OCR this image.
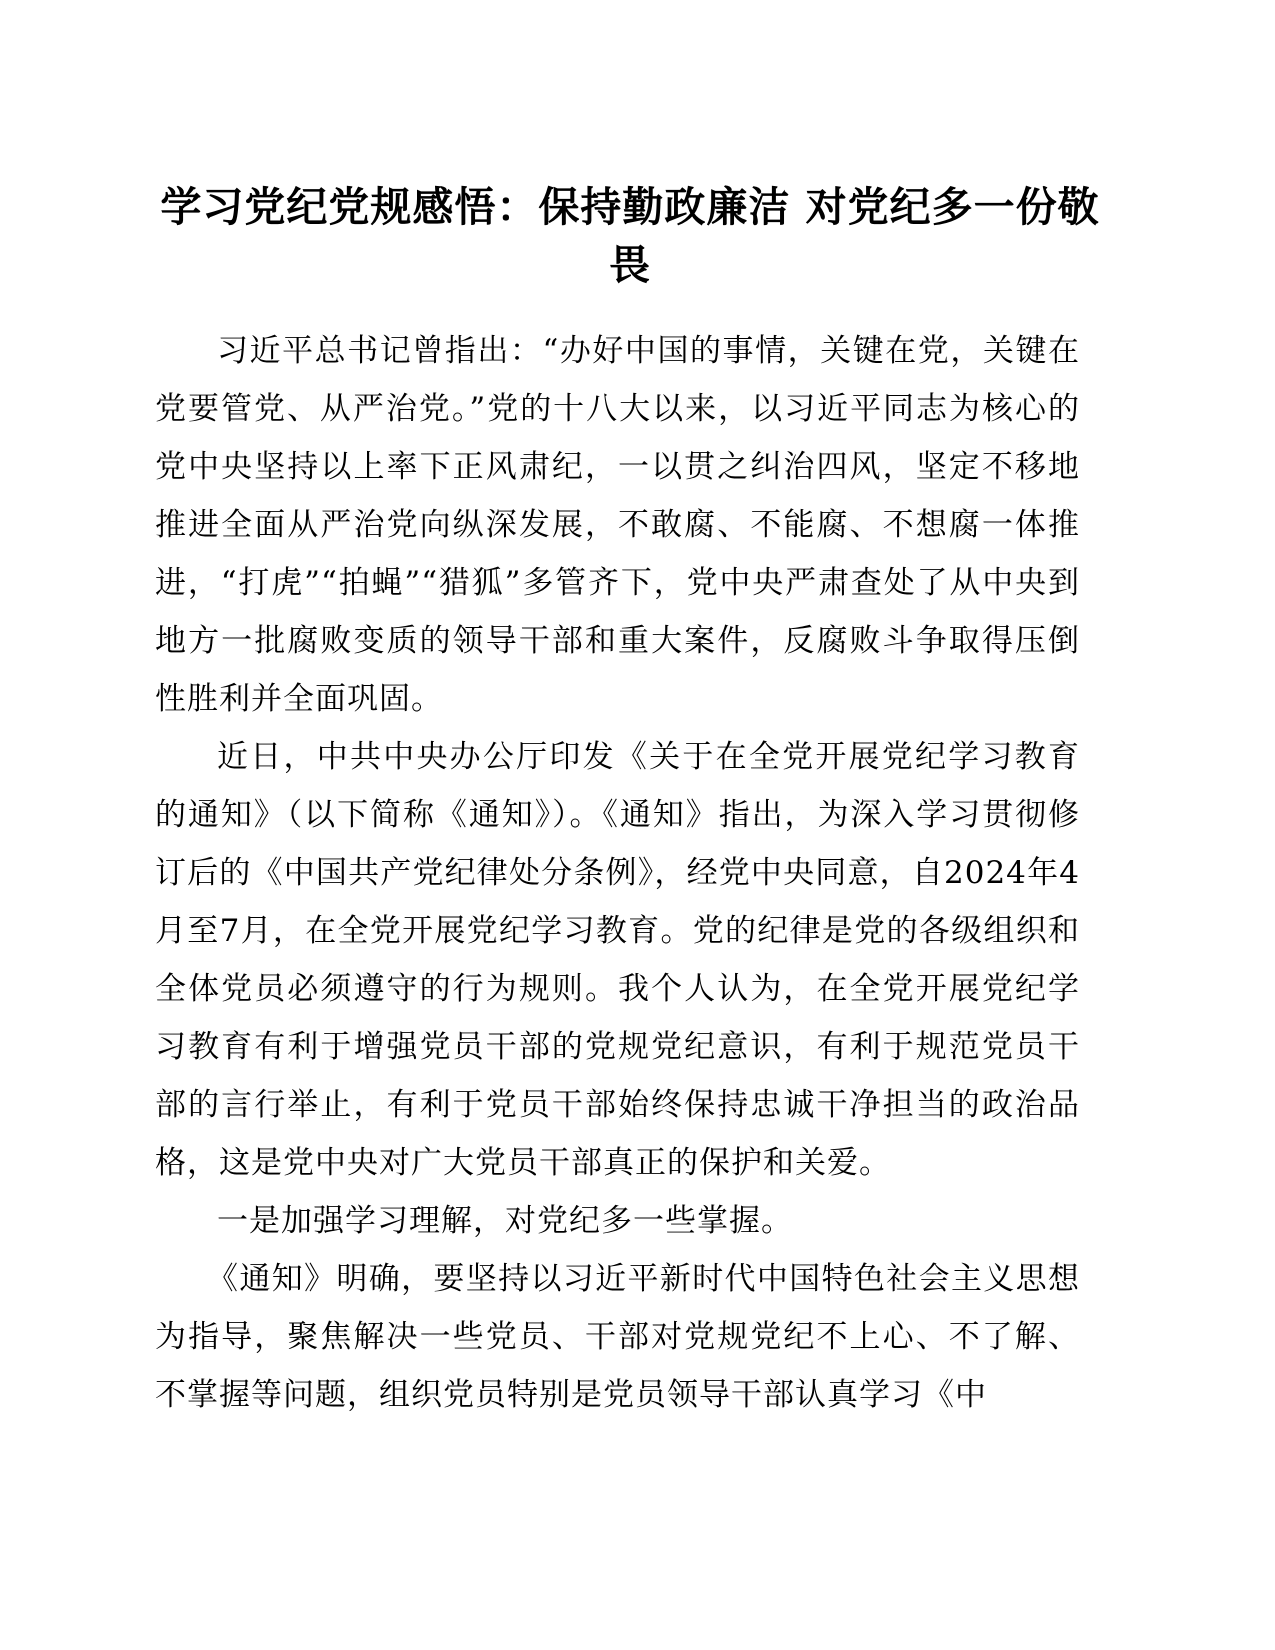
学习党纪党规感悟：保持勤政廉洁 对党纪多一份敬畏

习近平总书记曾指出：“办好中国的事情，关键在党，关键在党要管党、从严治党。”党的十八大以来，以习近平同志为核心的党中央坚持以上率下正风肃纪，一以贯之纠治四风，坚定不移地推进全面从严治党向纵深发展，不敢腐、不能腐、不想腐一体推进，“打虎”“拍蝇”“猎狐”多管齐下，党中央严肃查处了从中央到地方一批腐败变质的领导干部和重大案件，反腐败斗争取得压倒性胜利并全面巩固。

近日，中共中央办公厅印发《关于在全党开展党纪学习教育的通知》（以下简称《通知》）。《通知》指出，为深入学习贯彻修订后的《中国共产党纪律处分条例》，经党中央同意，自2024年4月至7月，在全党开展党纪学习教育。党的纪律是党的各级组织和全体党员必须遵守的行为规则。我个人认为，在全党开展党纪学习教育有利于增强党员干部的党规党纪意识，有利于规范党员干部的言行举止，有利于党员干部始终保持忠诚干净担当的政治品格，这是党中央对广大党员干部真正的保护和关爱。

一是加强学习理解，对党纪多一些掌握。

《通知》明确，要坚持以习近平新时代中国特色社会主义思想为指导，聚焦解决一些党员、干部对党规党纪不上心、不了解、不掌握等问题，组织党员特别是党员领导干部认真学习《中
